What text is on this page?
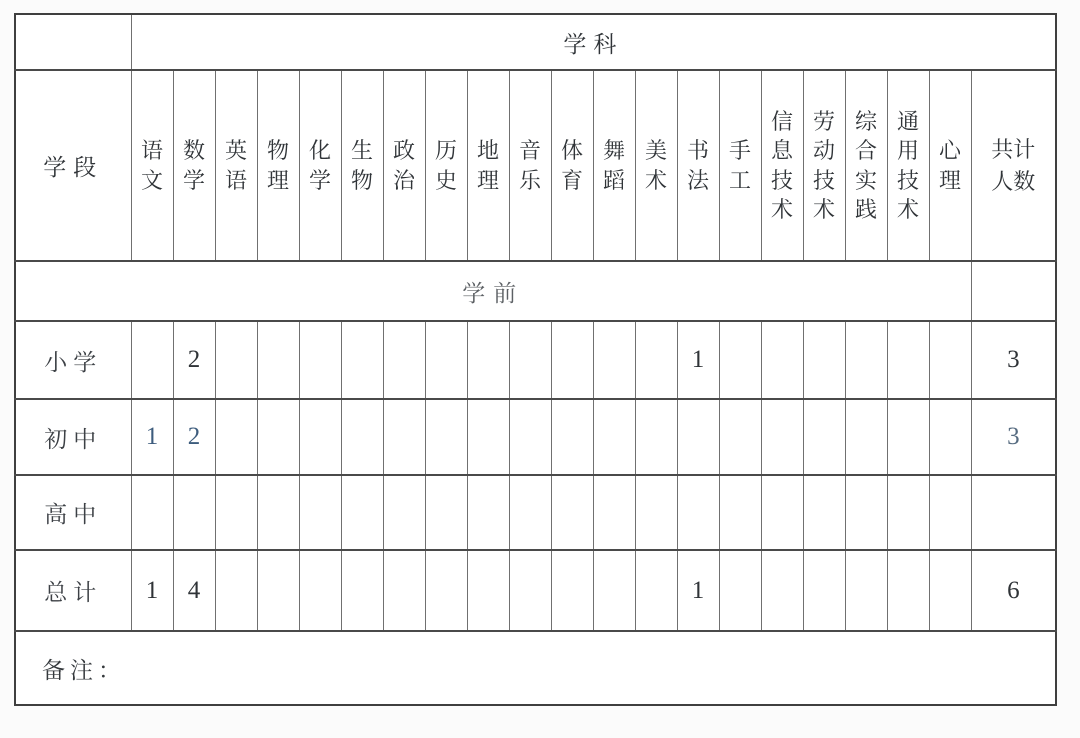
	学科																				
学段	语文	数学	英语	物理	化学	生物	政治	历史	地理	音乐	体育	舞蹈	美术	书法	手工	信息技术	劳动技术	综合实践	通用技术	心理	共计人数

学前																					
小学		2												1							3
初中	1	2																			3
高中																					
总计	1	4												1							6
备注：																					
